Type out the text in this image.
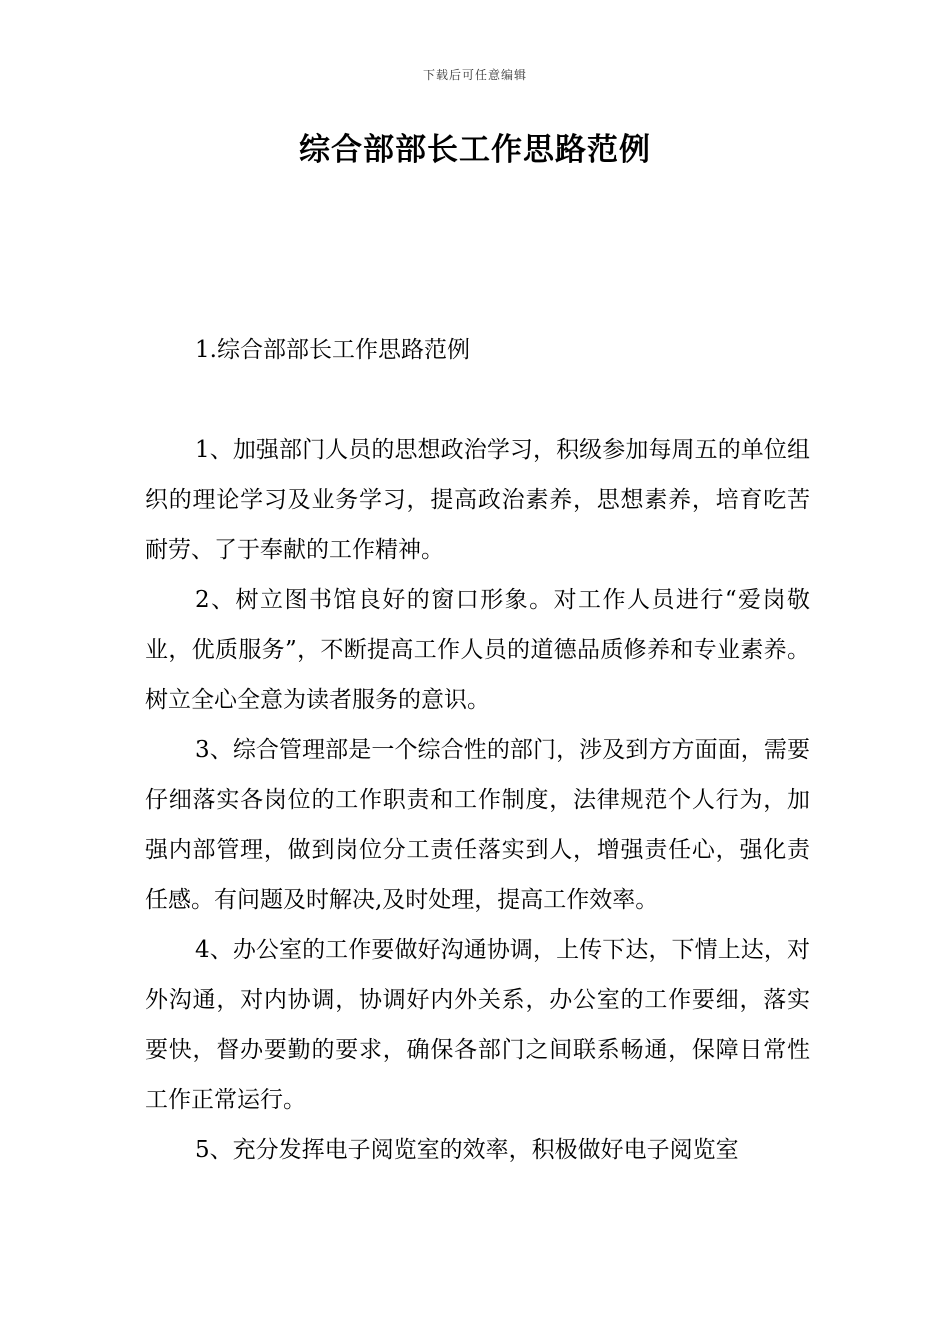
下载后可任意编辑
综合部部长工作思路范例
1.综合部部长工作思路范例

1、加强部门人员的思想政治学习，积级参加每周五的单位组织的理论学习及业务学习，提高政治素养，思想素养，培育吃苦耐劳、了于奉献的工作精神。

2、树立图书馆良好的窗口形象。对工作人员进行“爱岗敬业，优质服务”，不断提高工作人员的道德品质修养和专业素养。树立全心全意为读者服务的意识。

3、综合管理部是一个综合性的部门，涉及到方方面面，需要仔细落实各岗位的工作职责和工作制度，法律规范个人行为，加强内部管理，做到岗位分工责任落实到人，增强责任心，强化责任感。有问题及时解决,及时处理，提高工作效率。

4、办公室的工作要做好沟通协调，上传下达，下情上达，对外沟通，对内协调，协调好内外关系，办公室的工作要细，落实要快，督办要勤的要求，确保各部门之间联系畅通，保障日常性工作正常运行。

5、充分发挥电子阅览室的效率，积极做好电子阅览室
